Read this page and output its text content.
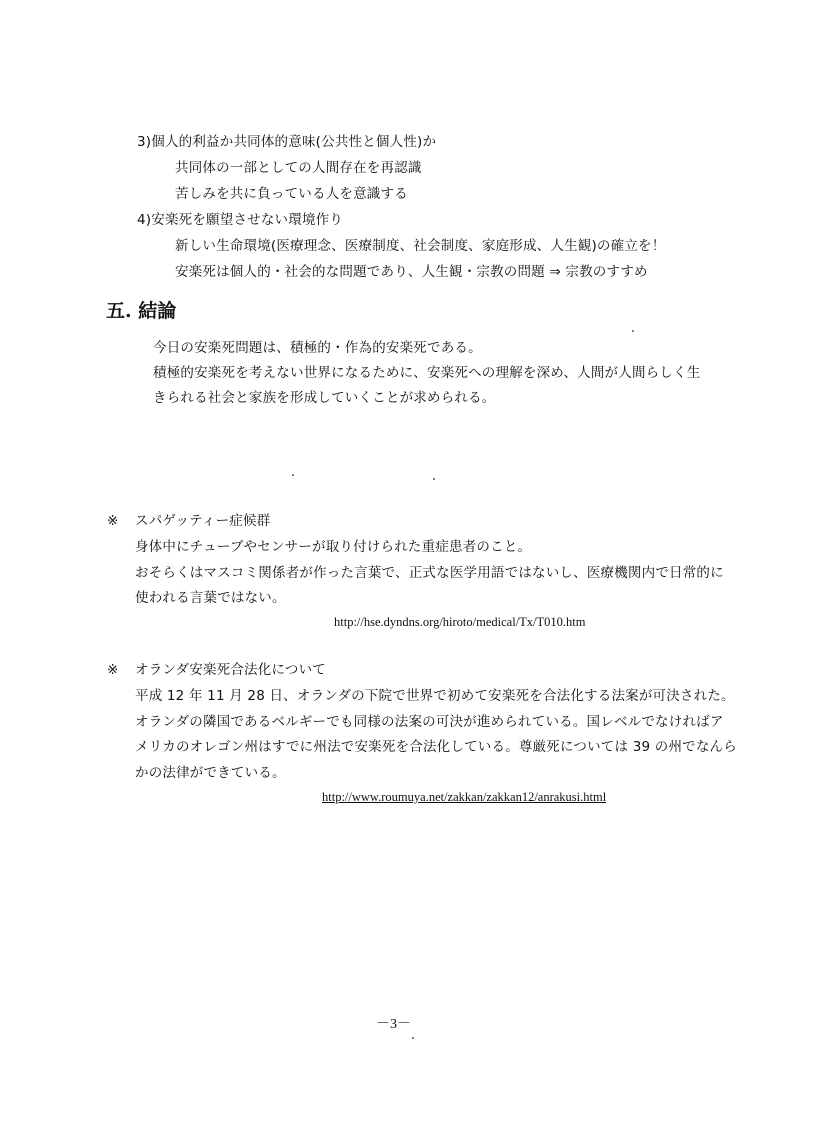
3)個人的利益か共同体的意味(公共性と個人性)か
共同体の一部としての人間存在を再認識
苦しみを共に負っている人を意識する
4)安楽死を願望させない環境作り
新しい生命環境(医療理念、医療制度、社会制度、家庭形成、人生観)の確立を！
安楽死は個人的・社会的な問題であり、人生観・宗教の問題 ⇒ 宗教のすすめ
五. 結論
今日の安楽死問題は、積極的・作為的安楽死である。
積極的安楽死を考えない世界になるために、安楽死への理解を深め、人間が人間らしく生
きられる社会と家族を形成していくことが求められる。
※ スパゲッティー症候群
身体中にチューブやセンサーが取り付けられた重症患者のこと。
おそらくはマスコミ関係者が作った言葉で、正式な医学用語ではないし、医療機関内で日常的に
使われる言葉ではない。
http://hse.dyndns.org/hiroto/medical/Tx/T010.htm
※ オランダ安楽死合法化について
平成 12 年 11 月 28 日、オランダの下院で世界で初めて安楽死を合法化する法案が可決された。
オランダの隣国であるベルギーでも同様の法案の可決が進められている。国レベルでなければア
メリカのオレゴン州はすでに州法で安楽死を合法化している。尊厳死については 39 の州でなんら
かの法律ができている。
http://www.roumuya.net/zakkan/zakkan12/anrakusi.html
－3－
